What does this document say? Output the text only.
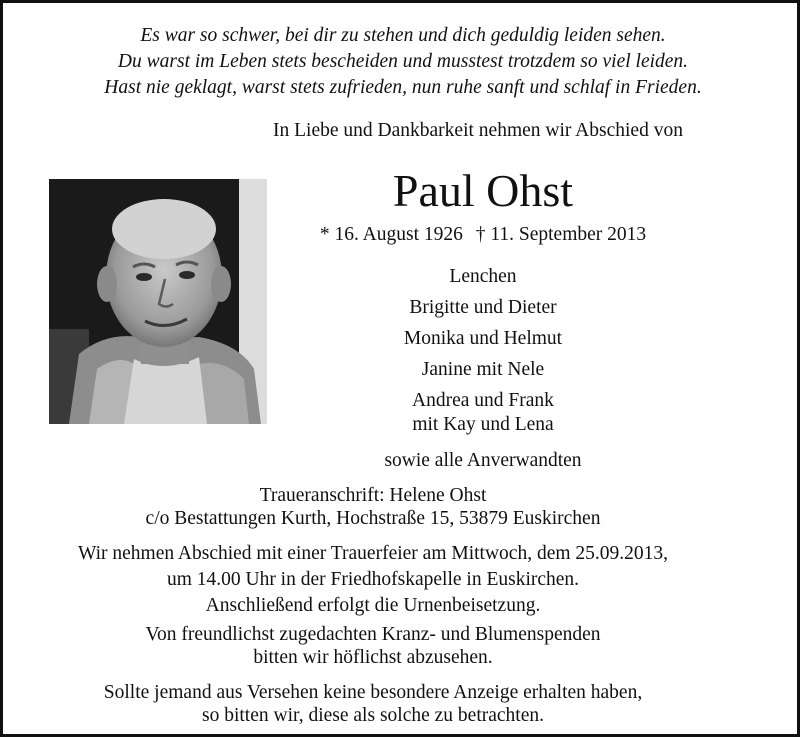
Es war so schwer, bei dir zu stehen und dich geduldig leiden sehen.
Du warst im Leben stets bescheiden und musstest trotzdem so viel leiden.
Hast nie geklagt, warst stets zufrieden, nun ruhe sanft und schlaf in Frieden.
In Liebe und Dankbarkeit nehmen wir Abschied von
Paul Ohst
* 16. August 1926 † 11. September 2013
Lenchen
Brigitte und Dieter
Monika und Helmut
Janine mit Nele
Andrea und Frank
mit Kay und Lena
sowie alle Anverwandten
Traueranschrift: Helene Ohst
c/o Bestattungen Kurth, Hochstraße 15, 53879 Euskirchen
Wir nehmen Abschied mit einer Trauerfeier am Mittwoch, dem 25.09.2013,
um 14.00 Uhr in der Friedhofskapelle in Euskirchen.
Anschließend erfolgt die Urnenbeisetzung.
Von freundlichst zugedachten Kranz- und Blumenspenden
bitten wir höflichst abzusehen.
Sollte jemand aus Versehen keine besondere Anzeige erhalten haben,
so bitten wir, diese als solche zu betrachten.
